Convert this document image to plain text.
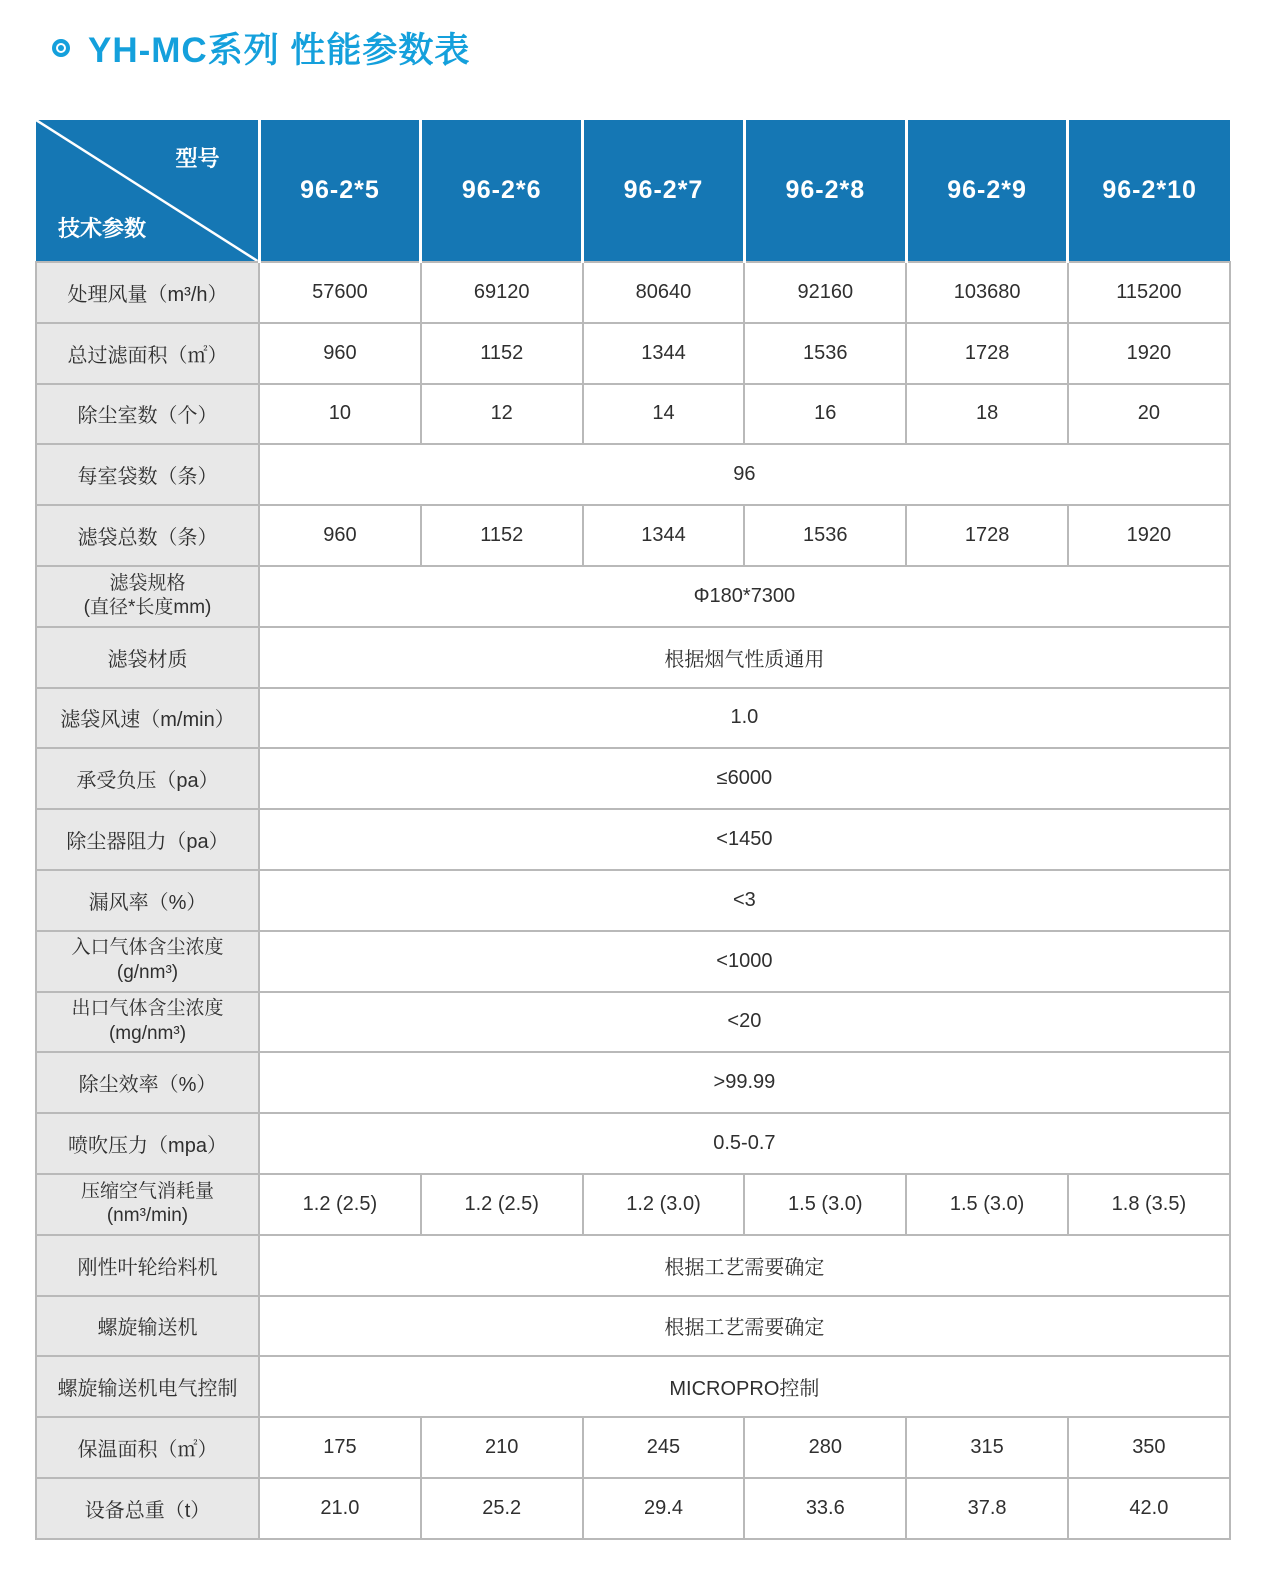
YH-MC系列 性能参数表
型号
技术参数	96-2*5	96-2*6	96-2*7	96-2*8	96-2*9	96-2*10
处理风量（m³/h）	57600	69120	80640	92160	103680	115200
总过滤面积（㎡）	960	1152	1344	1536	1728	1920
除尘室数（个）	10	12	14	16	18	20
每室袋数（条）	96					
滤袋总数（条）	960	1152	1344	1536	1728	1920

滤袋规格
(直径*长度mm)	Φ180*7300					
滤袋材质	根据烟气性质通用					
滤袋风速（m/min）	1.0					
承受负压（pa）	≤6000					
除尘器阻力（pa）	<1450					
漏风率（%）	<3					

入口气体含尘浓度
(g/nm³)	<1000					

出口气体含尘浓度
(mg/nm³)	<20					
除尘效率（%）	>99.99					
喷吹压力（mpa）	0.5-0.7					

压缩空气消耗量
(nm³/min)	1.2 (2.5)	1.2 (2.5)	1.2 (3.0)	1.5 (3.0)	1.5 (3.0)	1.8 (3.5)
刚性叶轮给料机	根据工艺需要确定					
螺旋输送机	根据工艺需要确定					
螺旋输送机电气控制	MICROPRO控制					
保温面积（㎡）	175	210	245	280	315	350
设备总重（t）	21.0	25.2	29.4	33.6	37.8	42.0
